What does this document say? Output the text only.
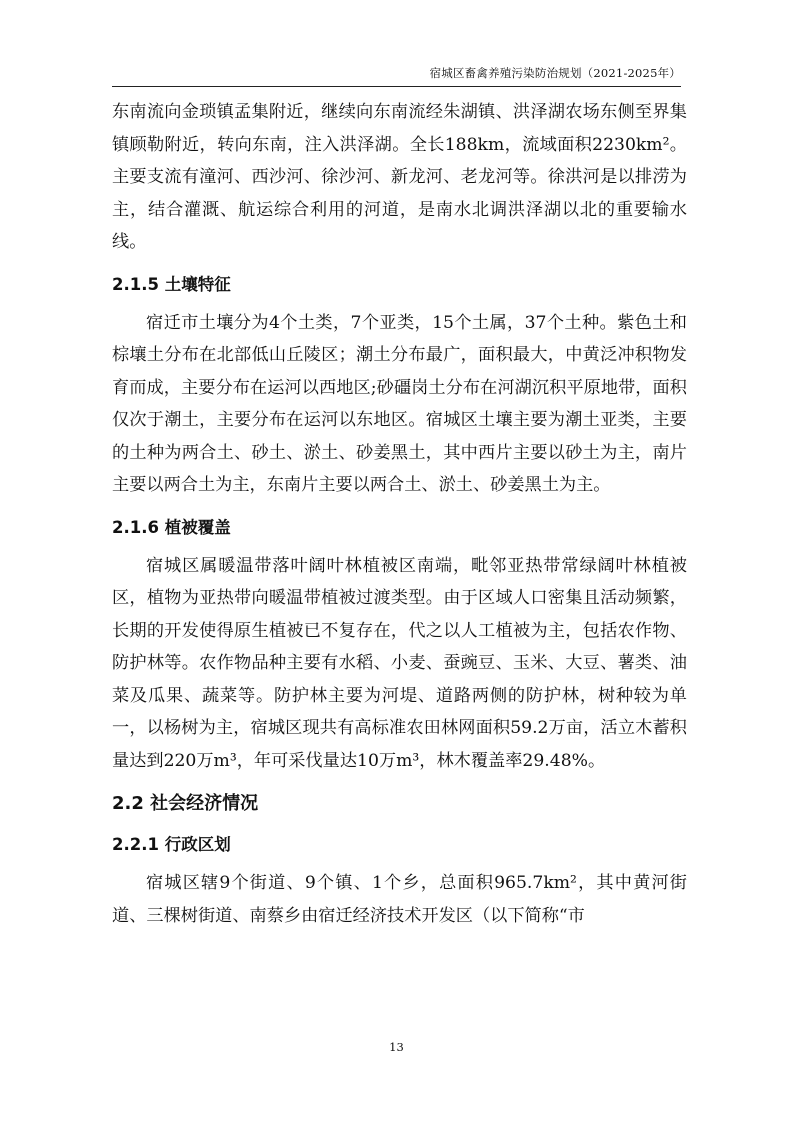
宿城区畜禽养殖污染防治规划（2021-2025年）

东南流向金琐镇孟集附近，继续向东南流经朱湖镇、洪泽湖农场东侧至界集镇顾勒附近，转向东南，注入洪泽湖。全长188km，流域面积2230km²。主要支流有潼河、西沙河、徐沙河、新龙河、老龙河等。徐洪河是以排涝为主，结合灌溉、航运综合利用的河道，是南水北调洪泽湖以北的重要输水线。

2.1.5 土壤特征

宿迁市土壤分为4个土类，7个亚类，15个土属，37个土种。紫色土和棕壤土分布在北部低山丘陵区；潮土分布最广，面积最大，中黄泛冲积物发育而成，主要分布在运河以西地区;砂礓岗土分布在河湖沉积平原地带，面积仅次于潮土，主要分布在运河以东地区。宿城区土壤主要为潮土亚类，主要的土种为两合土、砂土、淤土、砂姜黑土，其中西片主要以砂土为主，南片主要以两合土为主，东南片主要以两合土、淤土、砂姜黑土为主。

2.1.6 植被覆盖

宿城区属暖温带落叶阔叶林植被区南端，毗邻亚热带常绿阔叶林植被区，植物为亚热带向暖温带植被过渡类型。由于区域人口密集且活动频繁，长期的开发使得原生植被已不复存在，代之以人工植被为主，包括农作物、防护林等。农作物品种主要有水稻、小麦、蚕豌豆、玉米、大豆、薯类、油菜及瓜果、蔬菜等。防护林主要为河堤、道路两侧的防护林，树种较为单一，以杨树为主，宿城区现共有高标准农田林网面积59.2万亩，活立木蓄积量达到220万m³，年可采伐量达10万m³，林木覆盖率29.48%。

2.2 社会经济情况
2.2.1 行政区划

宿城区辖9个街道、9个镇、1个乡，总面积965.7km²，其中黄河街道、三棵树街道、南蔡乡由宿迁经济技术开发区（以下简称“市

13
